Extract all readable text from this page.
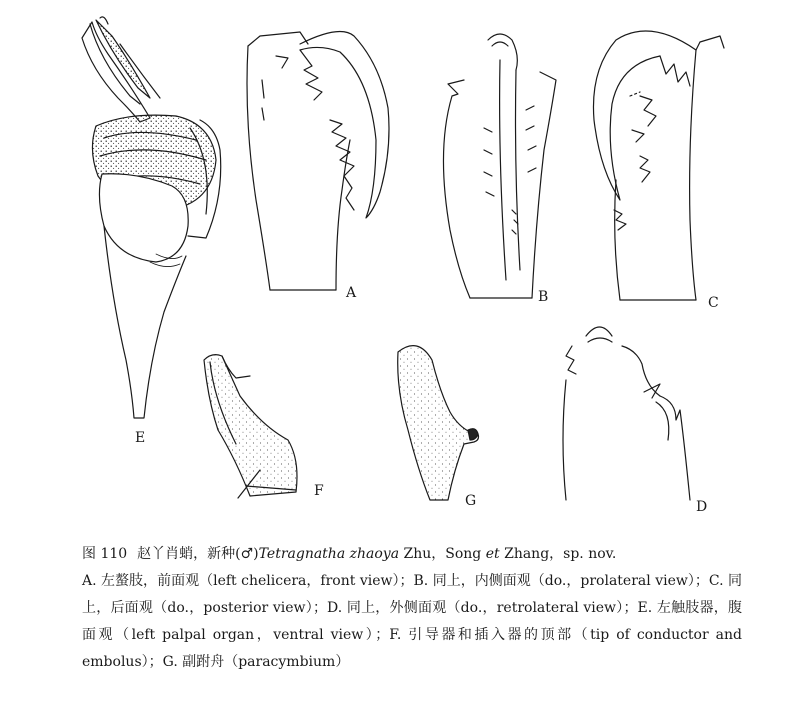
A	B	C
D
E
F
G
图 110 赵丫肖蛸，新种(♂)Tetragnatha zhaoya Zhu，Song et Zhang，sp. nov.
A. 左螯肢，前面观（left chelicera，front view）；B. 同上，内侧面观（do.，prolateral view）；C. 同上，后面观（do.，posterior view）；D. 同上，外侧面观（do.，retrolateral view）；E. 左触肢器，腹面观（left palpal organ，ventral view）；F. 引导器和插入器的顶部（tip of conductor and embolus）；G. 副跗舟（paracymbium）
